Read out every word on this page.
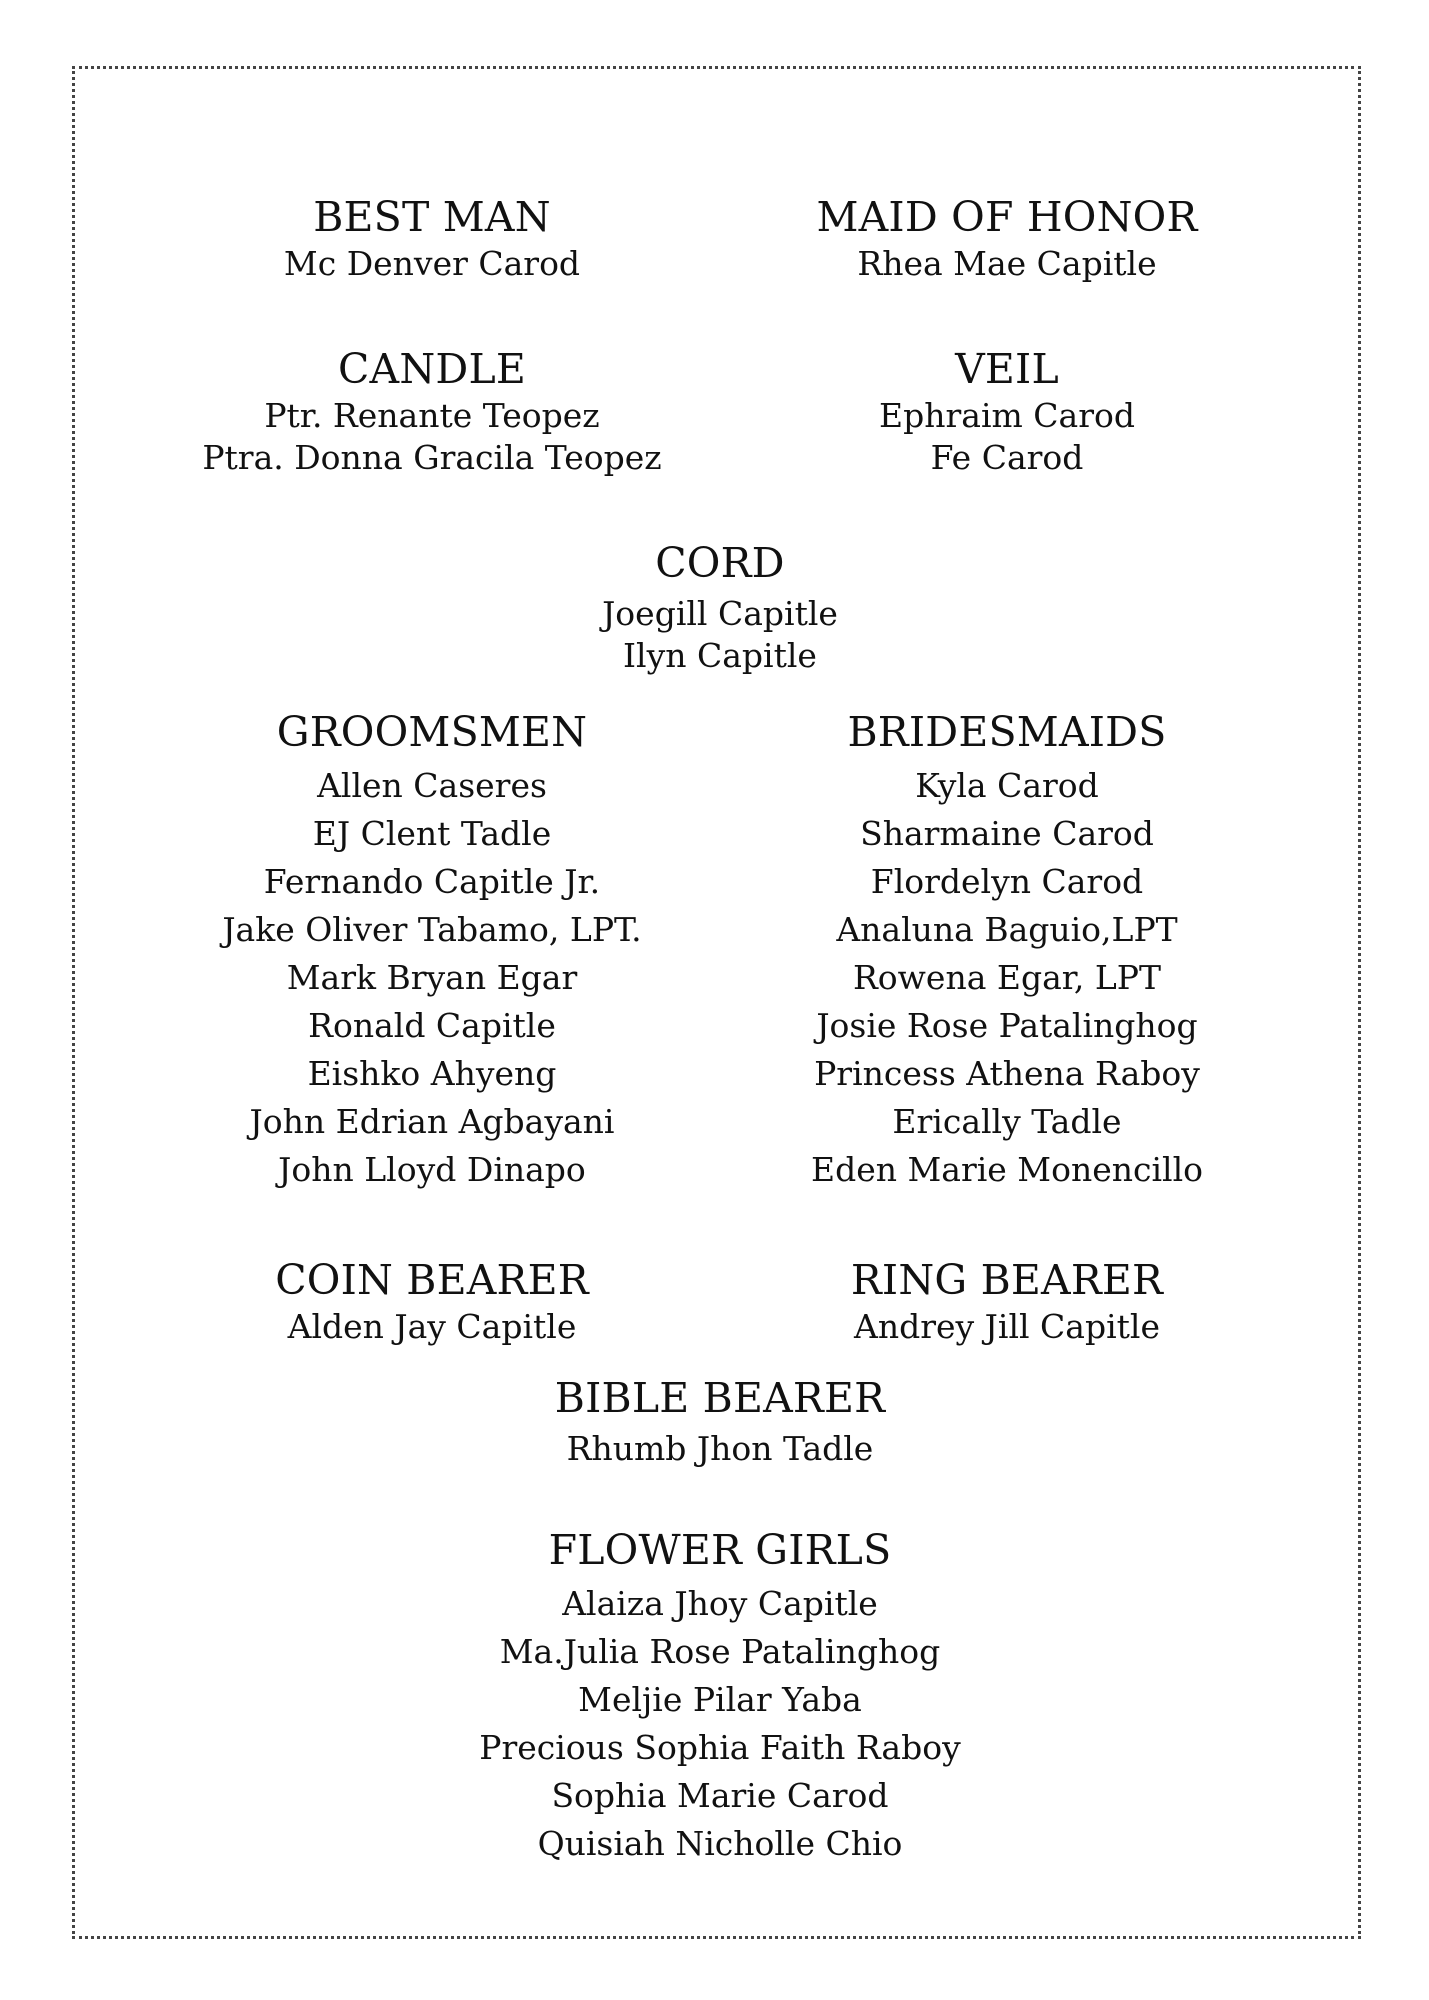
BEST MAN
Mc Denver Carod
MAID OF HONOR
Rhea Mae Capitle
CANDLE
Ptr. Renante Teopez
Ptra. Donna Gracila Teopez
VEIL
Ephraim Carod
Fe Carod
CORD
Joegill Capitle
Ilyn Capitle
GROOMSMEN
Allen Caseres
EJ Clent Tadle
Fernando Capitle Jr.
Jake Oliver Tabamo, LPT.
Mark Bryan Egar
Ronald Capitle
Eishko Ahyeng
John Edrian Agbayani
John Lloyd Dinapo
BRIDESMAIDS
Kyla Carod
Sharmaine Carod
Flordelyn Carod
Analuna Baguio,LPT
Rowena Egar, LPT
Josie Rose Patalinghog
Princess Athena Raboy
Erically Tadle
Eden Marie Monencillo
COIN BEARER
Alden Jay Capitle
RING BEARER
Andrey Jill Capitle
BIBLE BEARER
Rhumb Jhon Tadle
FLOWER GIRLS
Alaiza Jhoy Capitle
Ma.Julia Rose Patalinghog
Meljie Pilar Yaba
Precious Sophia Faith Raboy
Sophia Marie Carod
Quisiah Nicholle Chio
